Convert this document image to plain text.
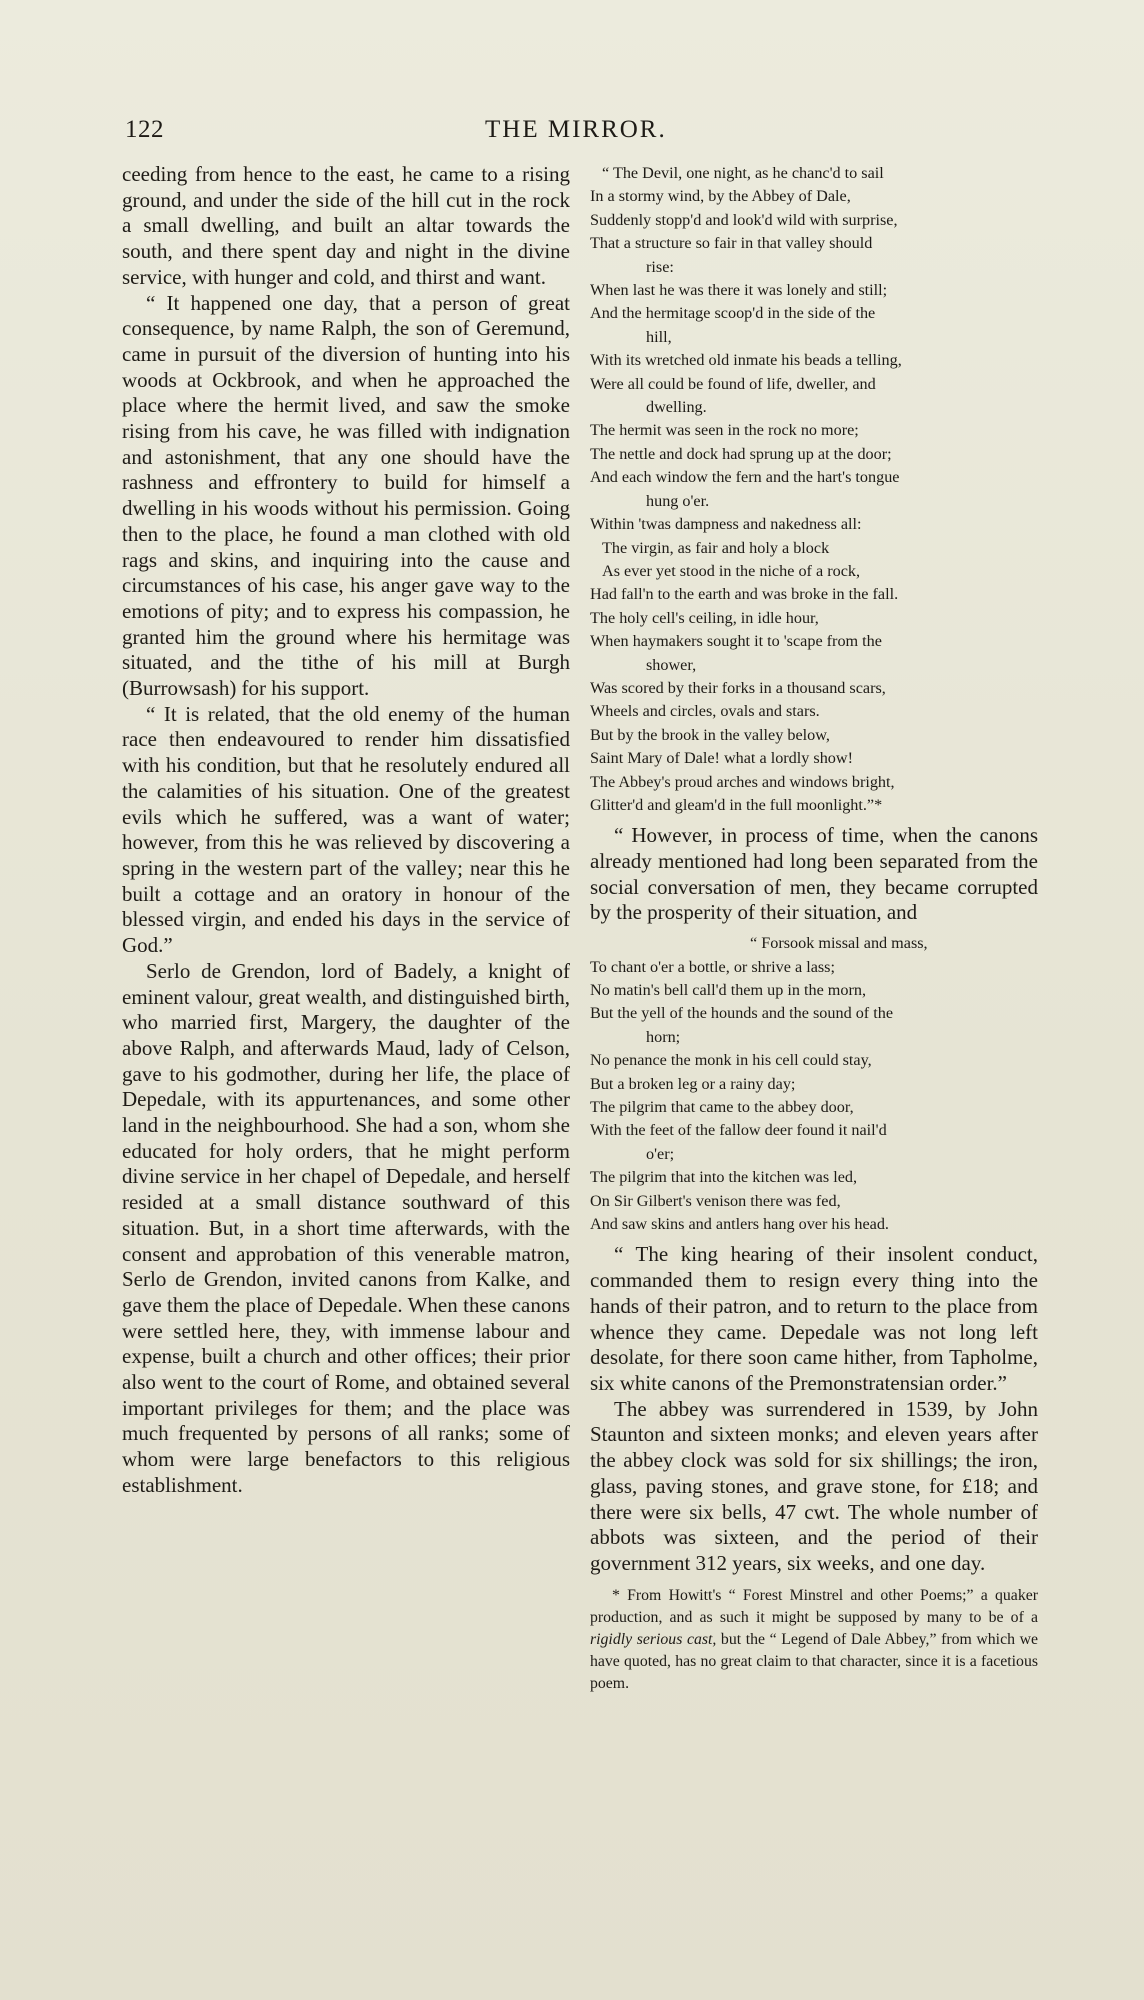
122	THE MIRROR.

ceeding from hence to the east, he came to a rising ground, and under the side of the hill cut in the rock a small dwelling, and built an altar towards the south, and there spent day and night in the divine service, with hunger and cold, and thirst and want.

“ It happened one day, that a person of great consequence, by name Ralph, the son of Geremund, came in pursuit of the diversion of hunting into his woods at Ockbrook, and when he approached the place where the hermit lived, and saw the smoke rising from his cave, he was filled with indignation and astonishment, that any one should have the rashness and effrontery to build for himself a dwelling in his woods without his permission. Going then to the place, he found a man clothed with old rags and skins, and inquiring into the cause and circumstances of his case, his anger gave way to the emotions of pity; and to express his compassion, he granted him the ground where his hermitage was situated, and the tithe of his mill at Burgh (Burrowsash) for his support.

“ It is related, that the old enemy of the human race then endeavoured to render him dissatisfied with his condition, but that he resolutely endured all the calamities of his situation. One of the greatest evils which he suffered, was a want of water; however, from this he was relieved by discovering a spring in the western part of the valley; near this he built a cottage and an oratory in honour of the blessed virgin, and ended his days in the service of God.”

Serlo de Grendon, lord of Badely, a knight of eminent valour, great wealth, and distinguished birth, who married first, Margery, the daughter of the above Ralph, and afterwards Maud, lady of Celson, gave to his godmother, during her life, the place of Depedale, with its appurtenances, and some other land in the neighbourhood. She had a son, whom she educated for holy orders, that he might perform divine service in her chapel of Depedale, and herself resided at a small distance southward of this situation. But, in a short time afterwards, with the consent and approbation of this venerable matron, Serlo de Grendon, invited canons from Kalke, and gave them the place of Depedale. When these canons were settled here, they, with immense labour and expense, built a church and other offices; their prior also went to the court of Rome, and obtained several important privileges for them; and the place was much frequented by persons of all ranks; some of whom were large benefactors to this religious establishment.

“ The Devil, one night, as he chanc'd to sail
In a stormy wind, by the Abbey of Dale,
Suddenly stopp'd and look'd wild with surprise,
That a structure so fair in that valley should
rise:
When last he was there it was lonely and still;
And the hermitage scoop'd in the side of the
hill,
With its wretched old inmate his beads a telling,
Were all could be found of life, dweller, and
dwelling.
The hermit was seen in the rock no more;
The nettle and dock had sprung up at the door;
And each window the fern and the hart's tongue
hung o'er.
Within 'twas dampness and nakedness all:
The virgin, as fair and holy a block
As ever yet stood in the niche of a rock,
Had fall'n to the earth and was broke in the fall.
The holy cell's ceiling, in idle hour,
When haymakers sought it to 'scape from the
shower,
Was scored by their forks in a thousand scars,
Wheels and circles, ovals and stars.
But by the brook in the valley below,
Saint Mary of Dale! what a lordly show!
The Abbey's proud arches and windows bright,
Glitter'd and gleam'd in the full moonlight.”*

“ However, in process of time, when the canons already mentioned had long been separated from the social conversation of men, they became corrupted by the prosperity of their situation, and

“ Forsook missal and mass,
To chant o'er a bottle, or shrive a lass;
No matin's bell call'd them up in the morn,
But the yell of the hounds and the sound of the
horn;
No penance the monk in his cell could stay,
But a broken leg or a rainy day;
The pilgrim that came to the abbey door,
With the feet of the fallow deer found it nail'd
o'er;
The pilgrim that into the kitchen was led,
On Sir Gilbert's venison there was fed,
And saw skins and antlers hang over his head.

“ The king hearing of their insolent conduct, commanded them to resign every thing into the hands of their patron, and to return to the place from whence they came. Depedale was not long left desolate, for there soon came hither, from Tapholme, six white canons of the Premonstratensian order.”

The abbey was surrendered in 1539, by John Staunton and sixteen monks; and eleven years after the abbey clock was sold for six shillings; the iron, glass, paving stones, and grave stone, for £18; and there were six bells, 47 cwt. The whole number of abbots was sixteen, and the period of their government 312 years, six weeks, and one day.

* From Howitt's “ Forest Minstrel and other Poems;” a quaker production, and as such it might be supposed by many to be of a rigidly serious cast, but the “ Legend of Dale Abbey,” from which we have quoted, has no great claim to that character, since it is a facetious poem.
